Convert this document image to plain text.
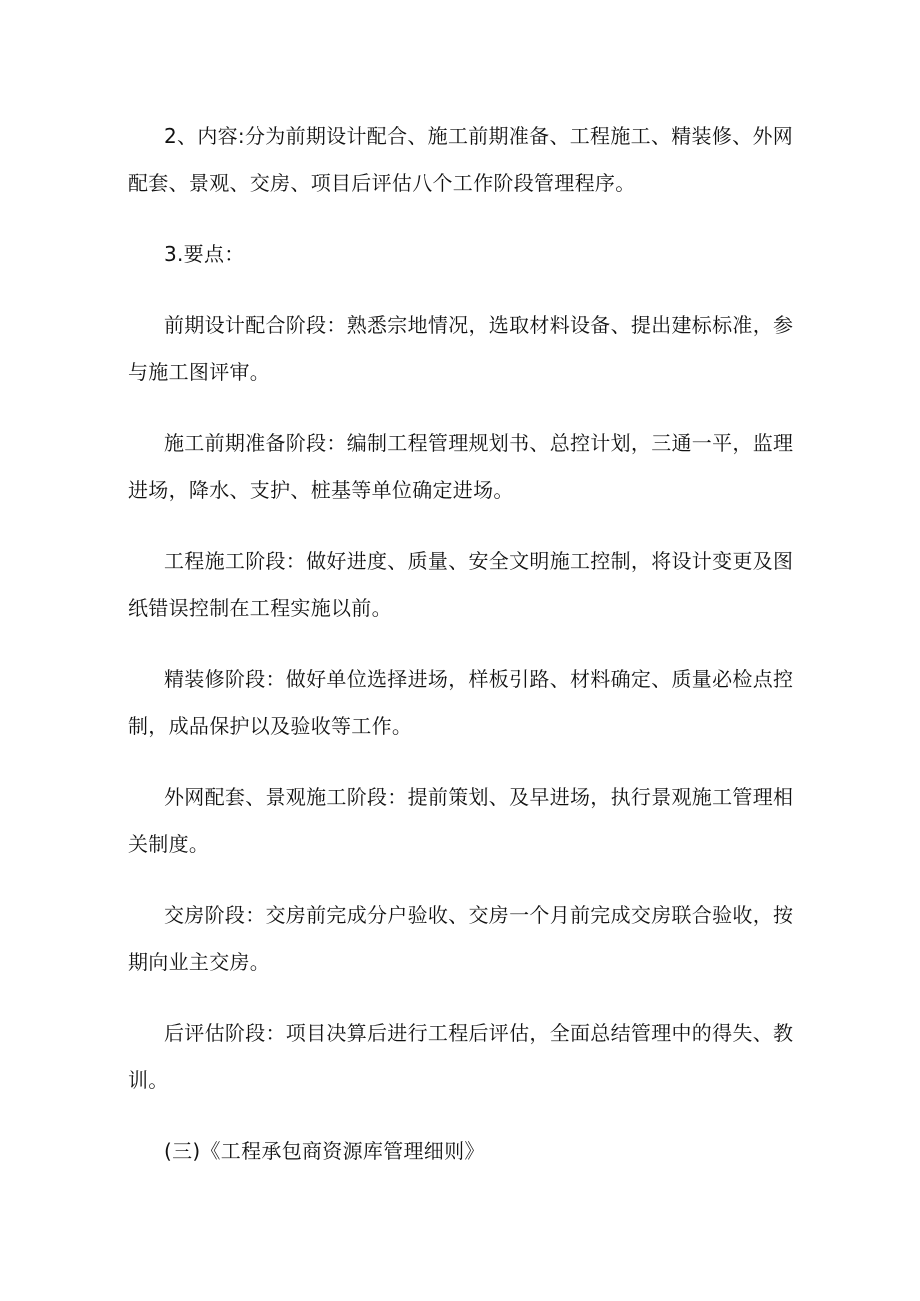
2、内容:分为前期设计配合、施工前期准备、工程施工、精装修、外网配套、景观、交房、项目后评估八个工作阶段管理程序。

3.要点：

前期设计配合阶段：熟悉宗地情况，选取材料设备、提出建标标准，参与施工图评审。

施工前期准备阶段：编制工程管理规划书、总控计划，三通一平，监理进场，降水、支护、桩基等单位确定进场。

工程施工阶段：做好进度、质量、安全文明施工控制，将设计变更及图纸错误控制在工程实施以前。

精装修阶段：做好单位选择进场，样板引路、材料确定、质量必检点控制，成品保护以及验收等工作。

外网配套、景观施工阶段：提前策划、及早进场，执行景观施工管理相关制度。

交房阶段：交房前完成分户验收、交房一个月前完成交房联合验收，按期向业主交房。

后评估阶段：项目决算后进行工程后评估，全面总结管理中的得失、教训。

(三)《工程承包商资源库管理细则》
